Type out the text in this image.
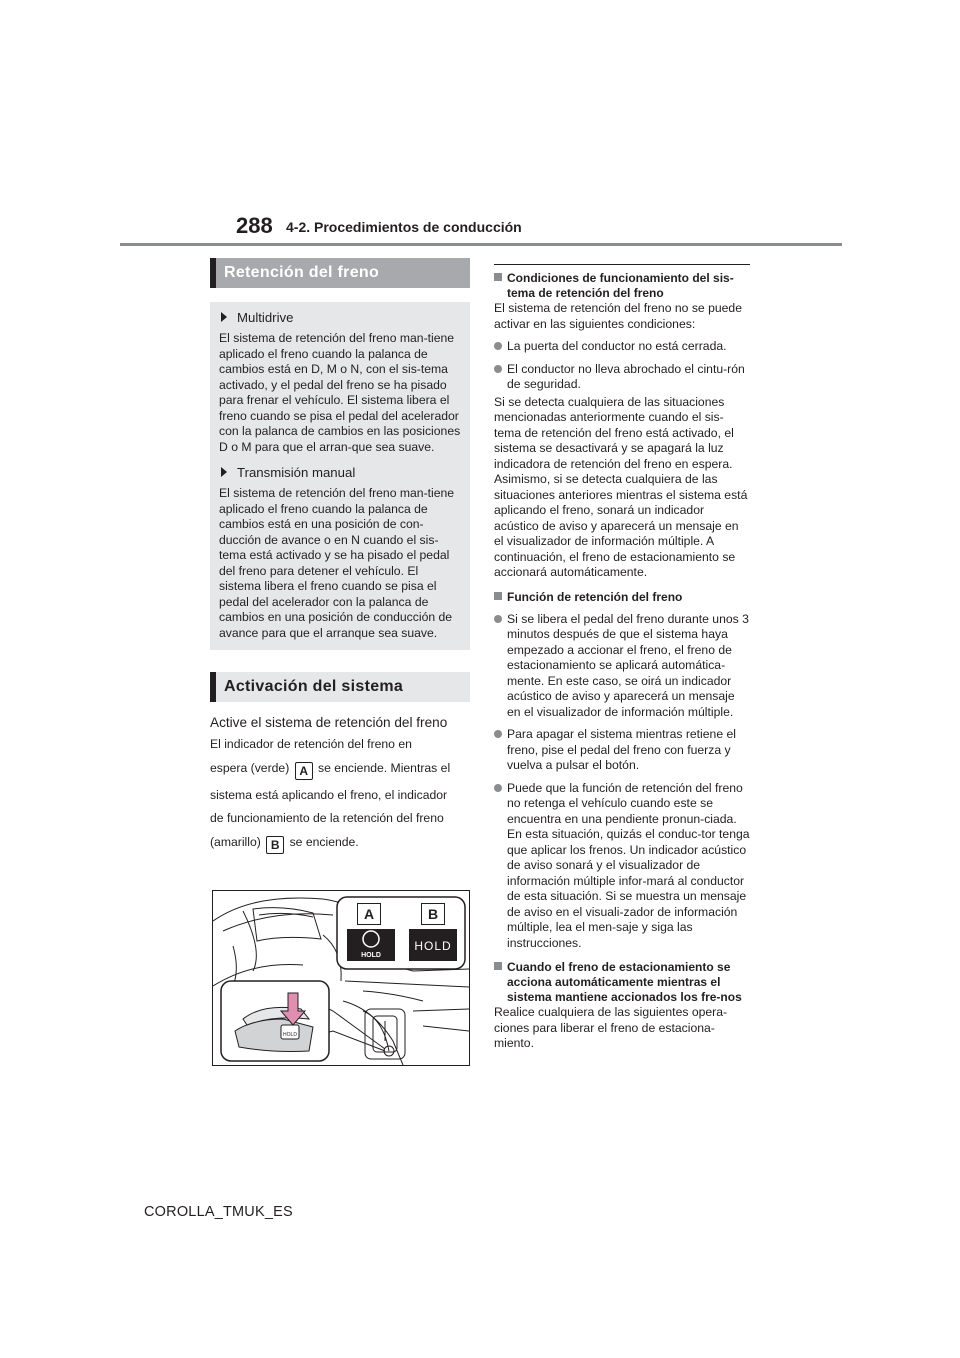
288 4-2. Procedimientos de conducción
Retención del freno
Multidrive
El sistema de retención del freno man-tiene aplicado el freno cuando la palanca de cambios está en D, M o N, con el sis-tema activado, y el pedal del freno se ha pisado para frenar el vehículo. El sistema libera el freno cuando se pisa el pedal del acelerador con la palanca de cambios en las posiciones D o M para que el arran-que sea suave.
Transmisión manual
El sistema de retención del freno man-tiene aplicado el freno cuando la palanca de cambios está en una posición de con-ducción de avance o en N cuando el sis-tema está activado y se ha pisado el pedal del freno para detener el vehículo. El sistema libera el freno cuando se pisa el pedal del acelerador con la palanca de cambios en una posición de conducción de avance para que el arranque sea suave.
Activación del sistema
Active el sistema de retención del freno
El indicador de retención del freno en
espera (verde) A se enciende. Mientras el
sistema está aplicando el freno, el indicador
de funcionamiento de la retención del freno
(amarillo) B se enciende.
HOLD
HOLD
HOLD
A	B
Condiciones de funcionamiento del sis-tema de retención del freno
El sistema de retención del freno no se puede activar en las siguientes condiciones:
La puerta del conductor no está cerrada.
El conductor no lleva abrochado el cintu-rón de seguridad.
Si se detecta cualquiera de las situaciones mencionadas anteriormente cuando el sis-tema de retención del freno está activado, el sistema se desactivará y se apagará la luz indicadora de retención del freno en espera. Asimismo, si se detecta cualquiera de las situaciones anteriores mientras el sistema está aplicando el freno, sonará un indicador acústico de aviso y aparecerá un mensaje en el visualizador de información múltiple. A continuación, el freno de estacionamiento se accionará automáticamente.
Función de retención del freno
Si se libera el pedal del freno durante unos 3 minutos después de que el sistema haya empezado a accionar el freno, el freno de estacionamiento se aplicará automática-mente. En este caso, se oirá un indicador acústico de aviso y aparecerá un mensaje en el visualizador de información múltiple.
Para apagar el sistema mientras retiene el freno, pise el pedal del freno con fuerza y vuelva a pulsar el botón.
Puede que la función de retención del freno no retenga el vehículo cuando este se encuentra en una pendiente pronun-ciada. En esta situación, quizás el conduc-tor tenga que aplicar los frenos. Un indicador acústico de aviso sonará y el visualizador de información múltiple infor-mará al conductor de esta situación. Si se muestra un mensaje de aviso en el visuali-zador de información múltiple, lea el men-saje y siga las instrucciones.
Cuando el freno de estacionamiento se acciona automáticamente mientras el sistema mantiene accionados los fre-nos
Realice cualquiera de las siguientes opera-ciones para liberar el freno de estaciona-miento.
COROLLA_TMUK_ES
